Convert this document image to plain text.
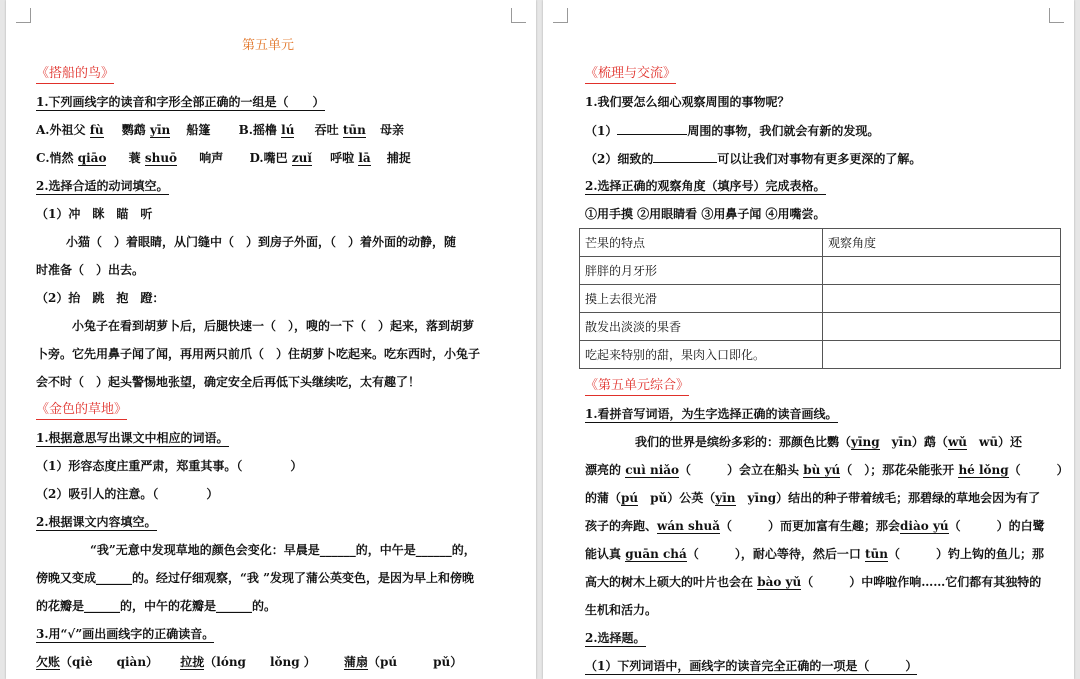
第五单元
《搭船的鸟》
1.下列画线字的读音和字形全部正确的一组是（　　）
A.外祖父 fù 鹦鹉 yīn 船篷 B.摇橹 lú 吞吐 tūn 母亲
C.悄然 qiāo 蓑 shuō 响声 D.嘴巴 zuǐ 呼啦 lā 捕捉
2.选择合适的动词填空。
（1）冲　眯　瞄　听
小猫（　）着眼睛，从门缝中（　）到房子外面，（　）着外面的动静，随
时准备（　）出去。
（2）抬　跳　抱　蹬：
小兔子在看到胡萝卜后，后腿快速一（　），嗖的一下（　）起来，落到胡萝
卜旁。它先用鼻子闻了闻，再用两只前爪（　）住胡萝卜吃起来。吃东西时，小兔子
会不时（　）起头警惕地张望，确定安全后再低下头继续吃，太有趣了！
《金色的草地》
1.根据意思写出课文中相应的词语。
（1）形容态度庄重严肃，郑重其事。（　　　　）
（2）吸引人的注意。（　　　　）
2.根据课文内容填空。
“我”无意中发现草地的颜色会变化：早晨是______的，中午是______的，
傍晚又变成______的。经过仔细观察，“我 ”发现了蒲公英变色，是因为早上和傍晚
的花瓣是______的，中午的花瓣是______的。
3.用“√”画出画线字的正确读音。
欠账（qiè　　qiàn） 拉拢（lóng　　lǒng ） 蒲扇（pú　　　pǔ）
《梳理与交流》
1.我们要怎么细心观察周围的事物呢？
（1）	周围的事物，我们就会有新的发现。
（2）细致的	可以让我们对事物有更多更深的了解。
2.选择正确的观察角度（填序号）完成表格。
①用手摸 ②用眼睛看 ③用鼻子闻 ④用嘴尝。
芒果的特点	观察角度
胖胖的月牙形	
摸上去很光滑	
散发出淡淡的果香	
吃起来特别的甜，果肉入口即化。	
《第五单元综合》
1.看拼音写词语，为生字选择正确的读音画线。
我们的世界是缤纷多彩的：那颜色比鹦（yīng　yīn）鹉（wǔ　wū）还
漂亮的 cuì niǎo（　　　）会立在船头 bù yú（　）；那花朵能张开 hé lǒng（　　　）
的蒲（pú　pǔ）公英（yīn　yīng）结出的种子带着绒毛；那碧绿的草地会因为有了
孩子的奔跑、wán shuǎ（　　　）而更加富有生趣；那会diào yú（　　　）的白鹭
能认真 guān chá（　　　），耐心等待，然后一口 tūn（　　　）钓上钩的鱼儿；那
高大的树木上硕大的叶片也会在 bào yǔ（　　　）中哗啦作响……它们都有其独特的
生机和活力。
2.选择题。
（1）下列词语中，画线字的读音完全正确的一项是（　　　）
